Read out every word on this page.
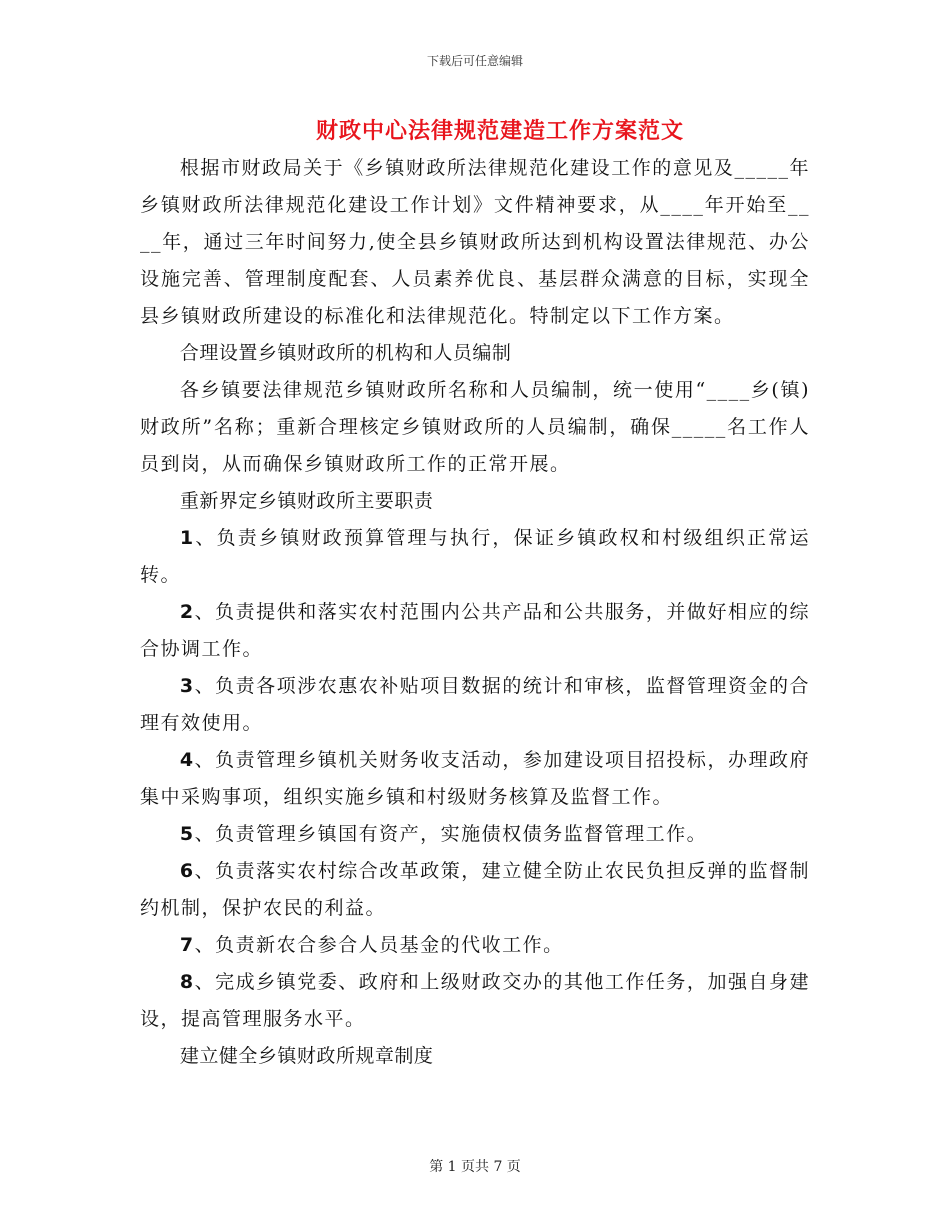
下载后可任意编辑
财政中心法律规范建造工作方案范文

根据市财政局关于《乡镇财政所法律规范化建设工作的意见及_____年乡镇财政所法律规范化建设工作计划》文件精神要求，从____年开始至____年，通过三年时间努力,使全县乡镇财政所达到机构设置法律规范、办公设施完善、管理制度配套、人员素养优良、基层群众满意的目标，实现全县乡镇财政所建设的标准化和法律规范化。特制定以下工作方案。

合理设置乡镇财政所的机构和人员编制

各乡镇要法律规范乡镇财政所名称和人员编制，统一使用“____乡(镇)财政所”名称；重新合理核定乡镇财政所的人员编制，确保_____名工作人员到岗，从而确保乡镇财政所工作的正常开展。

重新界定乡镇财政所主要职责

1、负责乡镇财政预算管理与执行，保证乡镇政权和村级组织正常运转。

2、负责提供和落实农村范围内公共产品和公共服务，并做好相应的综合协调工作。

3、负责各项涉农惠农补贴项目数据的统计和审核，监督管理资金的合理有效使用。

4、负责管理乡镇机关财务收支活动，参加建设项目招投标，办理政府集中采购事项，组织实施乡镇和村级财务核算及监督工作。

5、负责管理乡镇国有资产，实施债权债务监督管理工作。

6、负责落实农村综合改革政策，建立健全防止农民负担反弹的监督制约机制，保护农民的利益。

7、负责新农合参合人员基金的代收工作。

8、完成乡镇党委、政府和上级财政交办的其他工作任务，加强自身建设，提高管理服务水平。

建立健全乡镇财政所规章制度

第 1 页共 7 页
